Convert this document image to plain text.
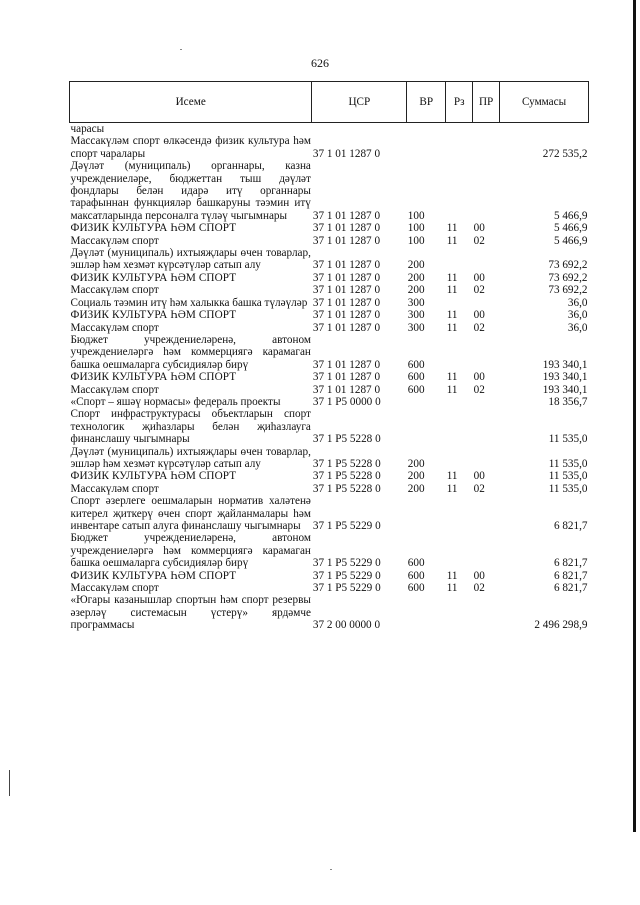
626
Исеме	ЦСР	ВР	Рз	ПР	Суммасы
чарасы					
Массакүләм спорт өлкәсендә физик культура һәм спорт чаралары	37 1 01 1287 0				272 535,2
Дәүләт (муниципаль) органнары, казна учреждениеләре, бюджеттан тыш дәүләт фондлары белән идарә итү органнары тарафыннан функцияләр башкаруны тәэмин итү максатларында персоналга түләү чыгымнары	37 1 01 1287 0	100			5 466,9
ФИЗИК КУЛЬТУРА ҺӘМ СПОРТ	37 1 01 1287 0	100	11	00	5 466,9
Массакүләм спорт	37 1 01 1287 0	100	11	02	5 466,9
Дәүләт (муниципаль) ихтыяҗлары өчен товарлар, эшләр һәм хезмәт күрсәтүләр сатып алу	37 1 01 1287 0	200			73 692,2
ФИЗИК КУЛЬТУРА ҺӘМ СПОРТ	37 1 01 1287 0	200	11	00	73 692,2
Массакүләм спорт	37 1 01 1287 0	200	11	02	73 692,2
Социаль тәэмин итү һәм халыкка башка түләүләр	37 1 01 1287 0	300			36,0
ФИЗИК КУЛЬТУРА ҺӘМ СПОРТ	37 1 01 1287 0	300	11	00	36,0
Массакүләм спорт	37 1 01 1287 0	300	11	02	36,0
Бюджет учреждениеләренә, автоном учреждениеләргә һәм коммерциягә карамаган башка оешмаларга субсидияләр бирү	37 1 01 1287 0	600			193 340,1
ФИЗИК КУЛЬТУРА ҺӘМ СПОРТ	37 1 01 1287 0	600	11	00	193 340,1
Массакүләм спорт	37 1 01 1287 0	600	11	02	193 340,1
«Спорт – яшәү нормасы» федераль проекты	37 1 P5 0000 0				18 356,7
Спорт инфраструктурасы объектларын спорт технологик җиһазлары белән җиһазлауга финанслашу чыгымнары	37 1 P5 5228 0				11 535,0
Дәүләт (муниципаль) ихтыяҗлары өчен товарлар, эшләр һәм хезмәт күрсәтүләр сатып алу	37 1 P5 5228 0	200			11 535,0
ФИЗИК КУЛЬТУРА ҺӘМ СПОРТ	37 1 P5 5228 0	200	11	00	11 535,0
Массакүләм спорт	37 1 P5 5228 0	200	11	02	11 535,0
Спорт әзерлеге оешмаларын норматив халәтенә китерел җиткерү өчен спорт җайланмалары һәм инвентаре сатып алуга финанслашу чыгымнары	37 1 P5 5229 0				6 821,7
Бюджет учреждениеләренә, автоном учреждениеләргә һәм коммерциягә карамаган башка оешмаларга субсидияләр бирү	37 1 P5 5229 0	600			6 821,7
ФИЗИК КУЛЬТУРА ҺӘМ СПОРТ	37 1 P5 5229 0	600	11	00	6 821,7
Массакүләм спорт	37 1 P5 5229 0	600	11	02	6 821,7
«Югары казанышлар спортын һәм спорт резервы әзерләү системасын үстерү» ярдәмче программасы	37 2 00 0000 0				2 496 298,9
